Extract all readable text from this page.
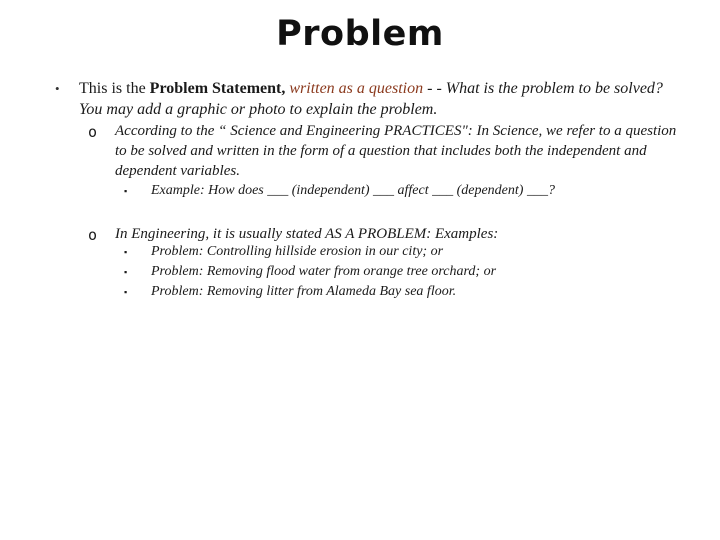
Problem
• This is the Problem Statement, written as a question - - What is the problem to be solved? You may add a graphic or photo to explain the problem.
o According to the “ Science and Engineering PRACTICES": In Science, we refer to a question to be solved and written in the form of a question that includes both the independent and dependent variables.
▪ Example: How does ___ (independent) ___ affect ___ (dependent) ___?
o In Engineering, it is usually stated AS A PROBLEM: Examples:
▪ Problem: Controlling hillside erosion in our city; or
▪ Problem: Removing flood water from orange tree orchard; or
▪ Problem: Removing litter from Alameda Bay sea floor.
